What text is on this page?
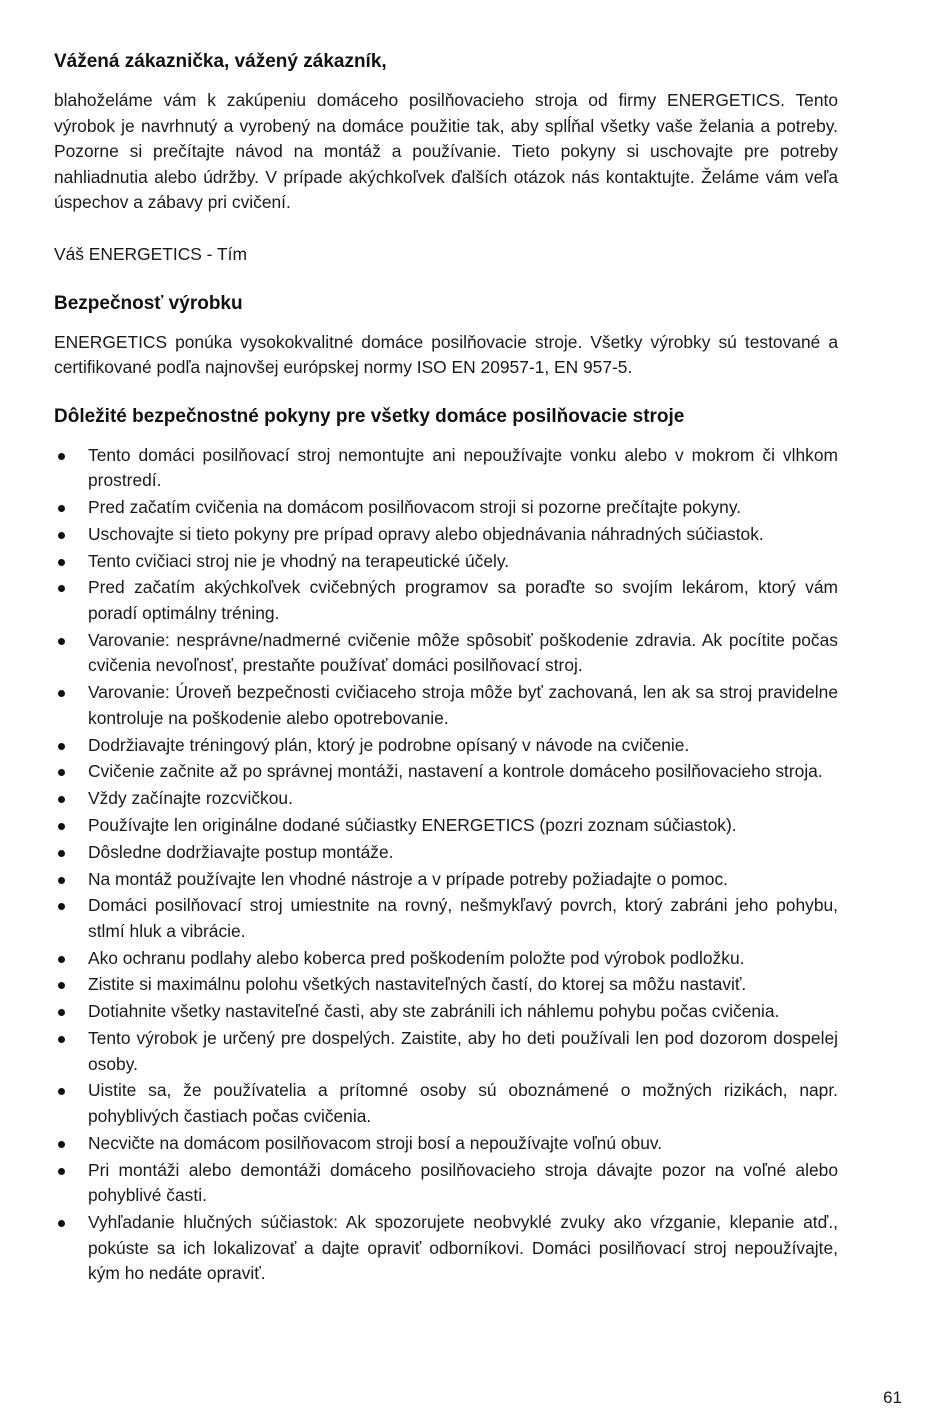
Vážená zákaznička, vážený zákazník,

blahoželáme vám k zakúpeniu domáceho posilňovacieho stroja od firmy ENERGETICS. Tento výrobok je navrhnutý a vyrobený na domáce použitie tak, aby splĺňal všetky vaše želania a potreby. Pozorne si prečítajte návod na montáž a používanie. Tieto pokyny si uschovajte pre potreby nahliadnutia alebo údržby. V prípade akýchkoľvek ďalších otázok nás kontaktujte. Želáme vám veľa úspechov a zábavy pri cvičení.

Váš ENERGETICS - Tím

Bezpečnosť výrobku

ENERGETICS ponúka vysokokvalitné domáce posilňovacie stroje. Všetky výrobky sú testované a certifikované podľa najnovšej európskej normy ISO EN 20957-1, EN 957-5.

Dôležité bezpečnostné pokyny pre všetky domáce posilňovacie stroje
Tento domáci posilňovací stroj nemontujte ani nepoužívajte vonku alebo v mokrom či vlhkom prostredí.
Pred začatím cvičenia na domácom posilňovacom stroji si pozorne prečítajte pokyny.
Uschovajte si tieto pokyny pre prípad opravy alebo objednávania náhradných súčiastok.
Tento cvičiaci stroj nie je vhodný na terapeutické účely.
Pred začatím akýchkoľvek cvičebných programov sa poraďte so svojím lekárom, ktorý vám poradí optimálny tréning.
Varovanie: nesprávne/nadmerné cvičenie môže spôsobiť poškodenie zdravia. Ak pocítite počas cvičenia nevoľnosť, prestaňte používať domáci posilňovací stroj.
Varovanie: Úroveň bezpečnosti cvičiaceho stroja môže byť zachovaná, len ak sa stroj pravidelne kontroluje na poškodenie alebo opotrebovanie.
Dodržiavajte tréningový plán, ktorý je podrobne opísaný v návode na cvičenie.
Cvičenie začnite až po správnej montáži, nastavení a kontrole domáceho posilňovacieho stroja.
Vždy začínajte rozcvičkou.
Používajte len originálne dodané súčiastky ENERGETICS (pozri zoznam súčiastok).
Dôsledne dodržiavajte postup montáže.
Na montáž používajte len vhodné nástroje a v prípade potreby požiadajte o pomoc.
Domáci posilňovací stroj umiestnite na rovný, nešmykľavý povrch, ktorý zabráni jeho pohybu, stlmí hluk a vibrácie.
Ako ochranu podlahy alebo koberca pred poškodením položte pod výrobok podložku.
Zistite si maximálnu polohu všetkých nastaviteľných častí, do ktorej sa môžu nastaviť.
Dotiahnite všetky nastaviteľné časti, aby ste zabránili ich náhlemu pohybu počas cvičenia.
Tento výrobok je určený pre dospelých. Zaistite, aby ho deti používali len pod dozorom dospelej osoby.
Uistite sa, že používatelia a prítomné osoby sú oboznámené o možných rizikách, napr. pohyblivých častiach počas cvičenia.
Necvičte na domácom posilňovacom stroji bosí a nepoužívajte voľnú obuv.
Pri montáži alebo demontáži domáceho posilňovacieho stroja dávajte pozor na voľné alebo pohyblivé časti.
Vyhľadanie hlučných súčiastok: Ak spozorujete neobvyklé zvuky ako vŕzganie, klepanie atď., pokúste sa ich lokalizovať a dajte opraviť odborníkovi. Domáci posilňovací stroj nepoužívajte, kým ho nedáte opraviť.
61
